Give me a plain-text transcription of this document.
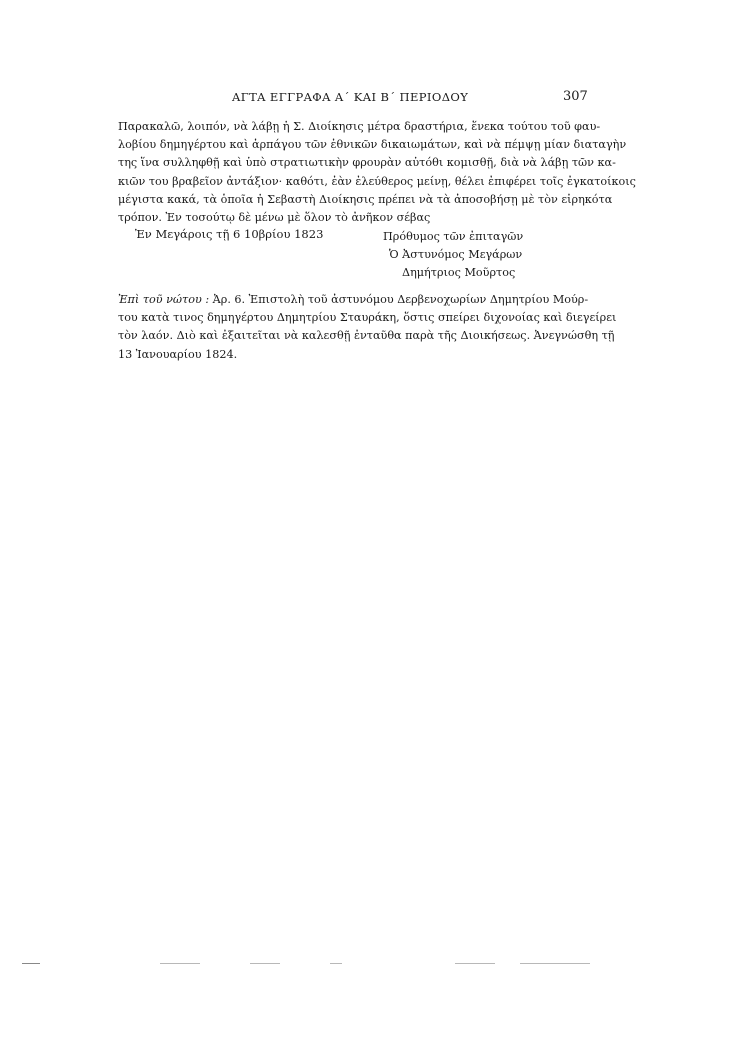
ΑΓΤΑ ΕΓΓΡΑΦΑ Α΄ ΚΑΙ Β΄ ΠΕΡΙΟΔΟΥ	307
Παρακαλῶ, λοιπόν, νὰ λάβῃ ἡ Σ. Διοίκησις μέτρα δραστήρια, ἕνεκα τούτου τοῦ φαυ-
λοβίου δημηγέρτου καὶ ἁρπάγου τῶν ἐθνικῶν δικαιωμάτων, καὶ νὰ πέμψῃ μίαν διαταγὴν
της ἵνα συλληφθῇ καὶ ὑπὸ στρατιωτικὴν φρουρὰν αὐτόθι κομισθῇ, διὰ νὰ λάβῃ τῶν κα-
κιῶν του βραβεῖον ἀντάξιον· καθότι, ἐὰν ἐλεύθερος μείνῃ, θέλει ἐπιφέρει τοῖς ἐγκατοίκοις
μέγιστα κακά, τὰ ὁποῖα ἡ Σεβαστὴ Διοίκησις πρέπει νὰ τὰ ἀποσοβήσῃ μὲ τὸν εἰρηκότα
τρόπον. Ἐν τοσούτῳ δὲ μένω μὲ ὅλον τὸ ἀνῆκον σέβας
Ἐν Μεγάροις τῇ 6 10βρίου 1823	Πρόθυμος τῶν ἐπιταγῶν
Ὁ Ἀστυνόμος Μεγάρων
Δημήτριος Μοῦρτος
Ἐπὶ τοῦ νώτου : Ἀρ. 6. Ἐπιστολὴ τοῦ ἀστυνόμου Δερβενοχωρίων Δημητρίου Μούρ-
του κατὰ τινος δημηγέρτου Δημητρίου Σταυράκη, ὅστις σπείρει διχονοίας καὶ διεγείρει
τὸν λαόν. Διὸ καὶ ἐξαιτεῖται νὰ καλεσθῇ ἐνταῦθα παρὰ τῆς Διοικήσεως. Ἀνεγνώσθη τῇ
13 Ἰανουαρίου 1824.
